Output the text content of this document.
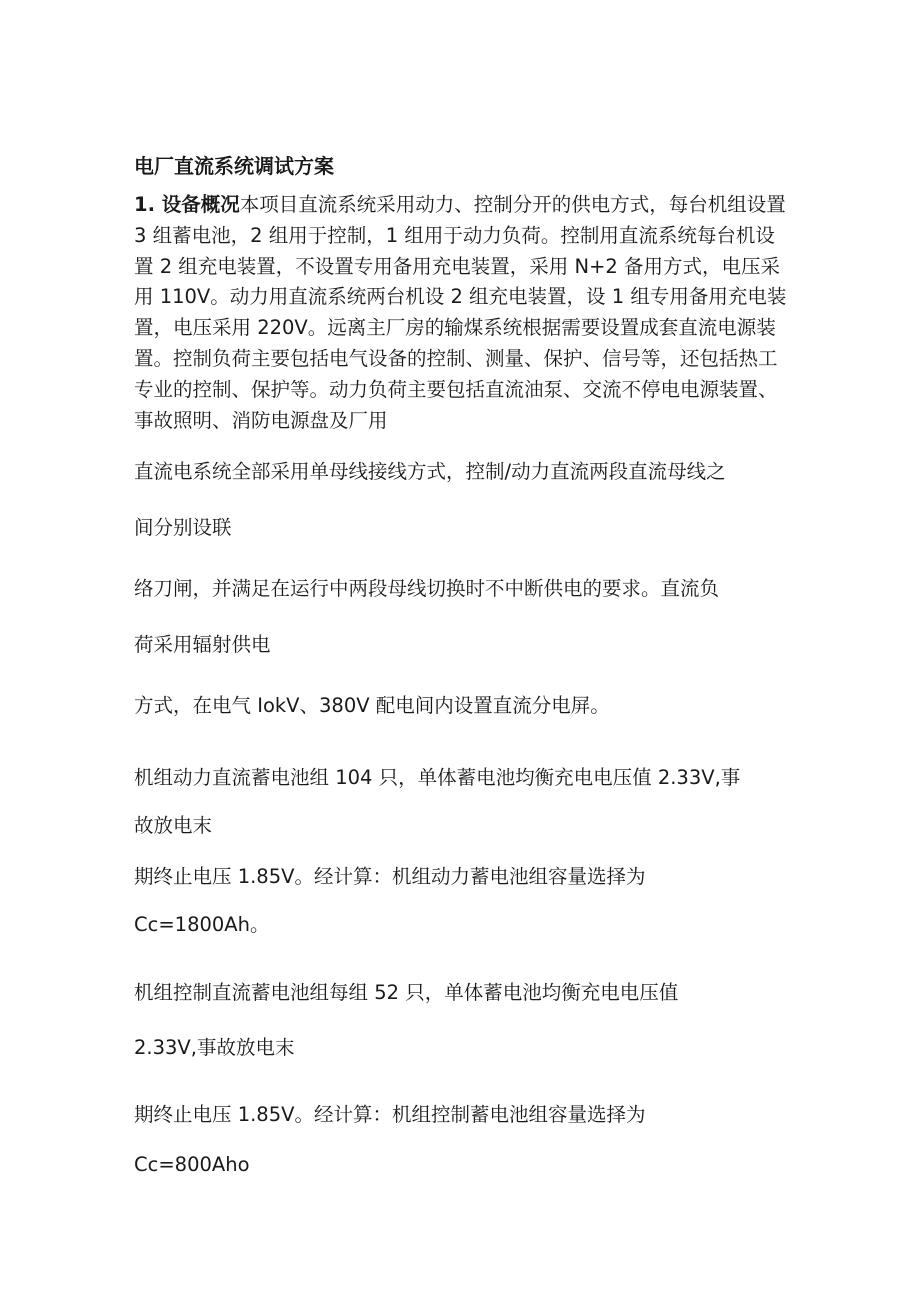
电厂直流系统调试方案
1. 设备概况本项目直流系统采用动力、控制分开的供电方式，每台机组设置 3 组蓄电池，2 组用于控制，1 组用于动力负荷。控制用直流系统每台机设置 2 组充电装置，不设置专用备用充电装置，采用 N+2 备用方式，电压采用 110V。动力用直流系统两台机设 2 组充电装置，设 1 组专用备用充电装置，电压采用 220V。远离主厂房的输煤系统根据需要设置成套直流电源装置。控制负荷主要包括电气设备的控制、测量、保护、信号等，还包括热工专业的控制、保护等。动力负荷主要包括直流油泵、交流不停电电源装置、事故照明、消防电源盘及厂用
直流电系统全部采用单母线接线方式，控制/动力直流两段直流母线之
间分别设联
络刀闸，并满足在运行中两段母线切换时不中断供电的要求。直流负
荷采用辐射供电
方式，在电气 IokV、380V 配电间内设置直流分电屏。
机组动力直流蓄电池组 104 只，单体蓄电池均衡充电电压值 2.33V,事
故放电末
期终止电压 1.85V。经计算：机组动力蓄电池组容量选择为
Cc=1800Ah。
机组控制直流蓄电池组每组 52 只，单体蓄电池均衡充电电压值
2.33V,事故放电末
期终止电压 1.85V。经计算：机组控制蓄电池组容量选择为
Cc=800Aho
